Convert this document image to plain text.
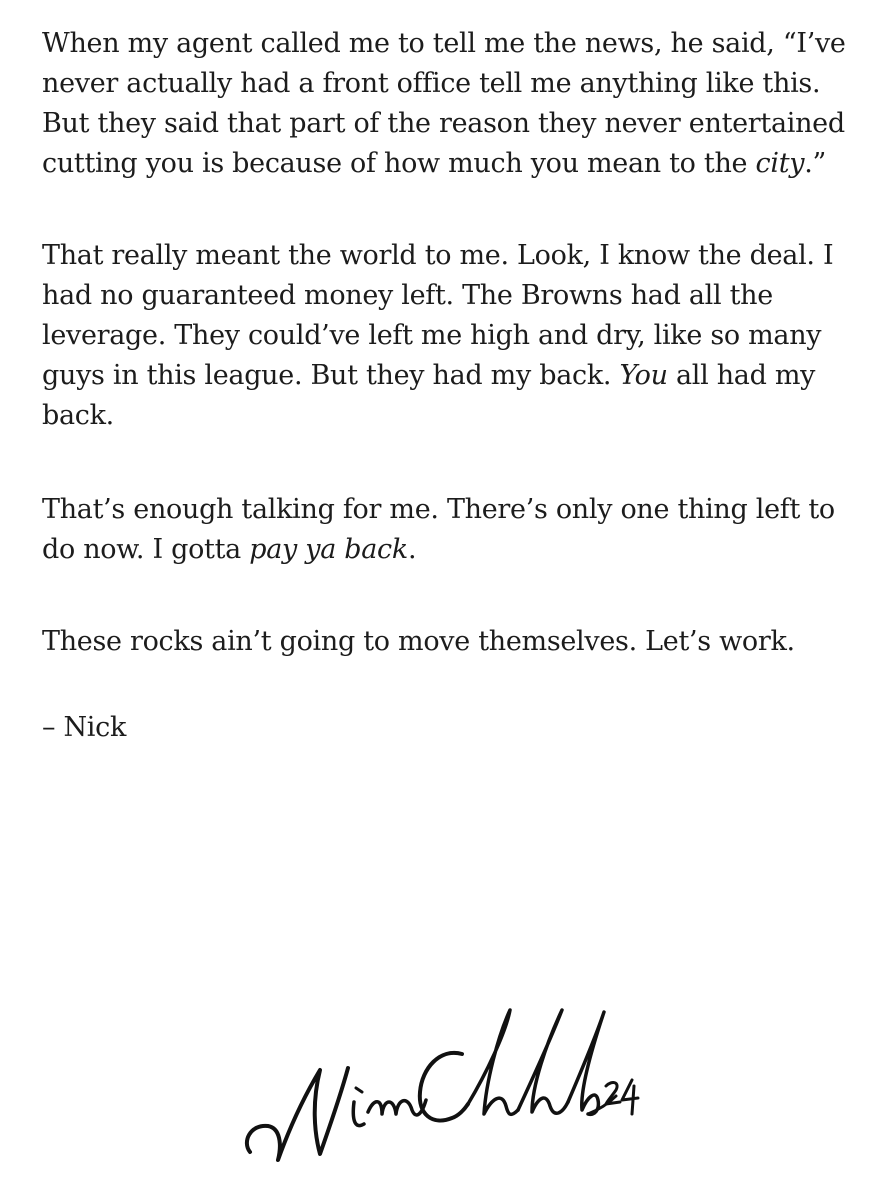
When my agent called me to tell me the news, he said, “I’ve never actually had a front office tell me anything like this. But they said that part of the reason they never entertained cutting you is because of how much you mean to the city.”

That really meant the world to me. Look, I know the deal. I had no guaranteed money left. The Browns had all the leverage. They could’ve left me high and dry, like so many guys in this league. But they had my back. You all had my back.

That’s enough talking for me. There’s only one thing left to do now. I gotta pay ya back.

These rocks ain’t going to move themselves. Let’s work.

– Nick
